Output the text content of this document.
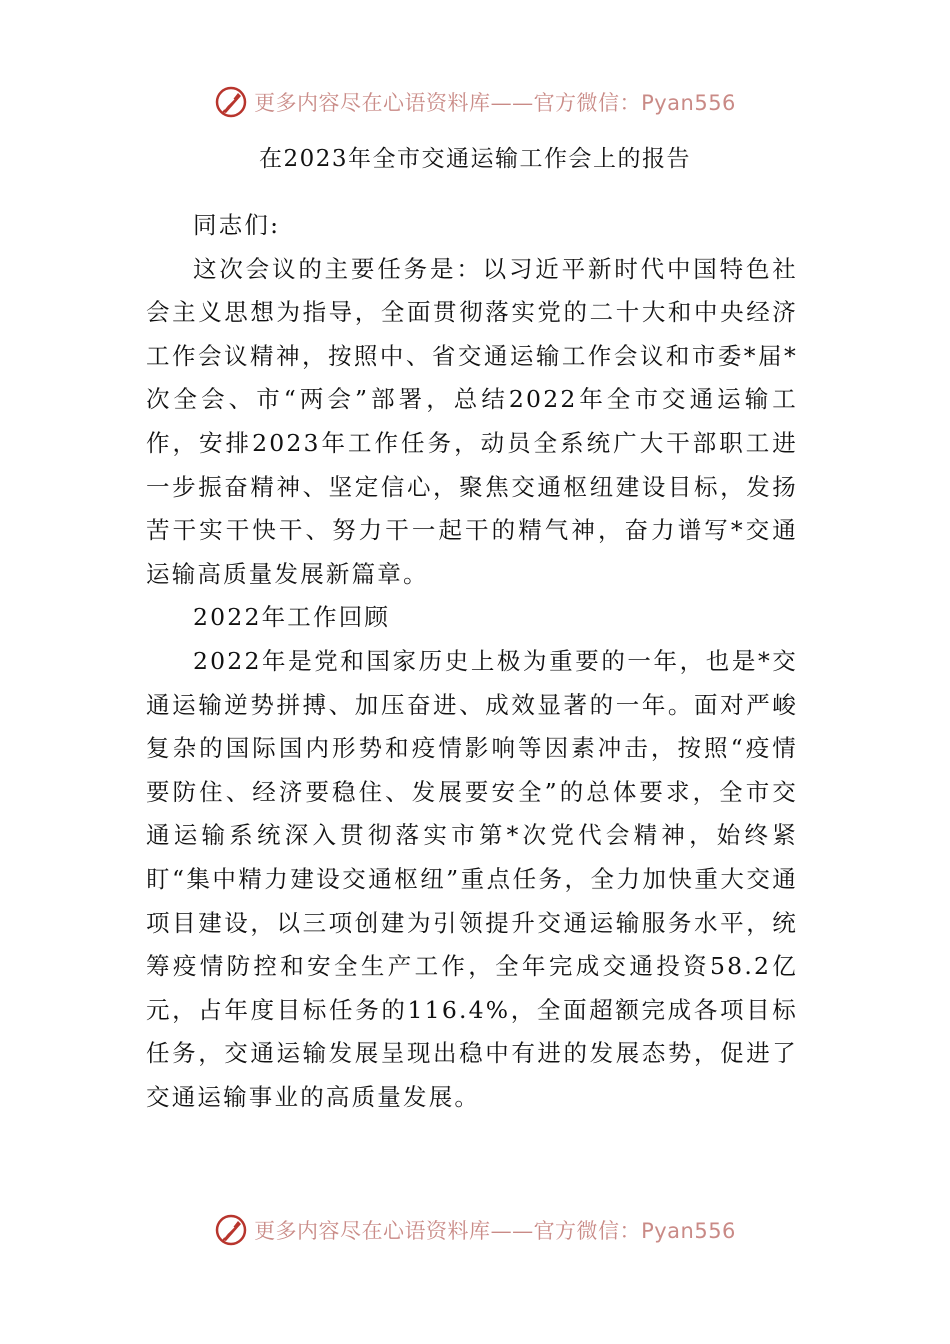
更多内容尽在心语资料库——官方微信：Pyan556
在2023年全市交通运输工作会上的报告

同志们:

这次会议的主要任务是：以习近平新时代中国特色社会主义思想为指导，全面贯彻落实党的二十大和中央经济工作会议精神，按照中、省交通运输工作会议和市委*届*次全会、市“两会”部署，总结2022年全市交通运输工作，安排2023年工作任务，动员全系统广大干部职工进一步振奋精神、坚定信心，聚焦交通枢纽建设目标，发扬苦干实干快干、努力干一起干的精气神，奋力谱写*交通运输高质量发展新篇章。

2022年工作回顾

2022年是党和国家历史上极为重要的一年，也是*交通运输逆势拼搏、加压奋进、成效显著的一年。面对严峻复杂的国际国内形势和疫情影响等因素冲击，按照“疫情要防住、经济要稳住、发展要安全”的总体要求，全市交通运输系统深入贯彻落实市第*次党代会精神，始终紧盯“集中精力建设交通枢纽”重点任务，全力加快重大交通项目建设，以三项创建为引领提升交通运输服务水平，统筹疫情防控和安全生产工作，全年完成交通投资58.2亿元，占年度目标任务的116.4%，全面超额完成各项目标任务，交通运输发展呈现出稳中有进的发展态势，促进了交通运输事业的高质量发展。

更多内容尽在心语资料库——官方微信：Pyan556
